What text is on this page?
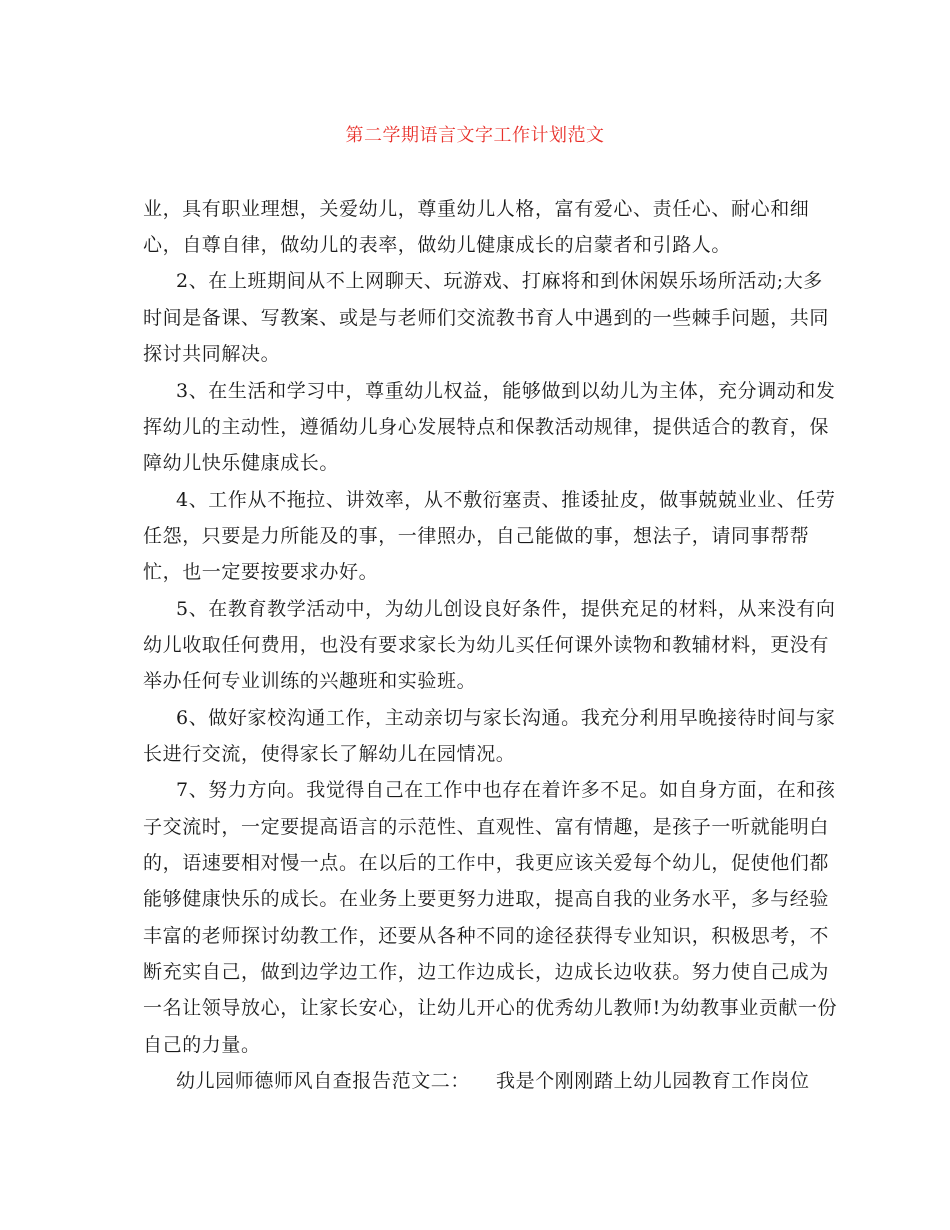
第二学期语言文字工作计划范文
业，具有职业理想，关爱幼儿，尊重幼儿人格，富有爱心、责任心、耐心和细
心，自尊自律，做幼儿的表率，做幼儿健康成长的启蒙者和引路人。
2、在上班期间从不上网聊天、玩游戏、打麻将和到休闲娱乐场所活动;大多
时间是备课、写教案、或是与老师们交流教书育人中遇到的一些棘手问题，共同
探讨共同解决。
3、在生活和学习中，尊重幼儿权益，能够做到以幼儿为主体，充分调动和发
挥幼儿的主动性，遵循幼儿身心发展特点和保教活动规律，提供适合的教育，保
障幼儿快乐健康成长。
4、工作从不拖拉、讲效率，从不敷衍塞责、推诿扯皮，做事兢兢业业、任劳
任怨，只要是力所能及的事，一律照办，自己能做的事，想法子，请同事帮帮
忙，也一定要按要求办好。
5、在教育教学活动中，为幼儿创设良好条件，提供充足的材料，从来没有向
幼儿收取任何费用，也没有要求家长为幼儿买任何课外读物和教辅材料，更没有
举办任何专业训练的兴趣班和实验班。
6、做好家校沟通工作，主动亲切与家长沟通。我充分利用早晚接待时间与家
长进行交流，使得家长了解幼儿在园情况。
7、努力方向。我觉得自己在工作中也存在着许多不足。如自身方面，在和孩
子交流时，一定要提高语言的示范性、直观性、富有情趣，是孩子一听就能明白
的，语速要相对慢一点。在以后的工作中，我更应该关爱每个幼儿，促使他们都
能够健康快乐的成长。在业务上要更努力进取，提高自我的业务水平，多与经验
丰富的老师探讨幼教工作，还要从各种不同的途径获得专业知识，积极思考，不
断充实自己，做到边学边工作，边工作边成长，边成长边收获。努力使自己成为
一名让领导放心，让家长安心，让幼儿开心的优秀幼儿教师!为幼教事业贡献一份
自己的力量。
幼儿园师德师风自查报告范文二： 我是个刚刚踏上幼儿园教育工作岗位
